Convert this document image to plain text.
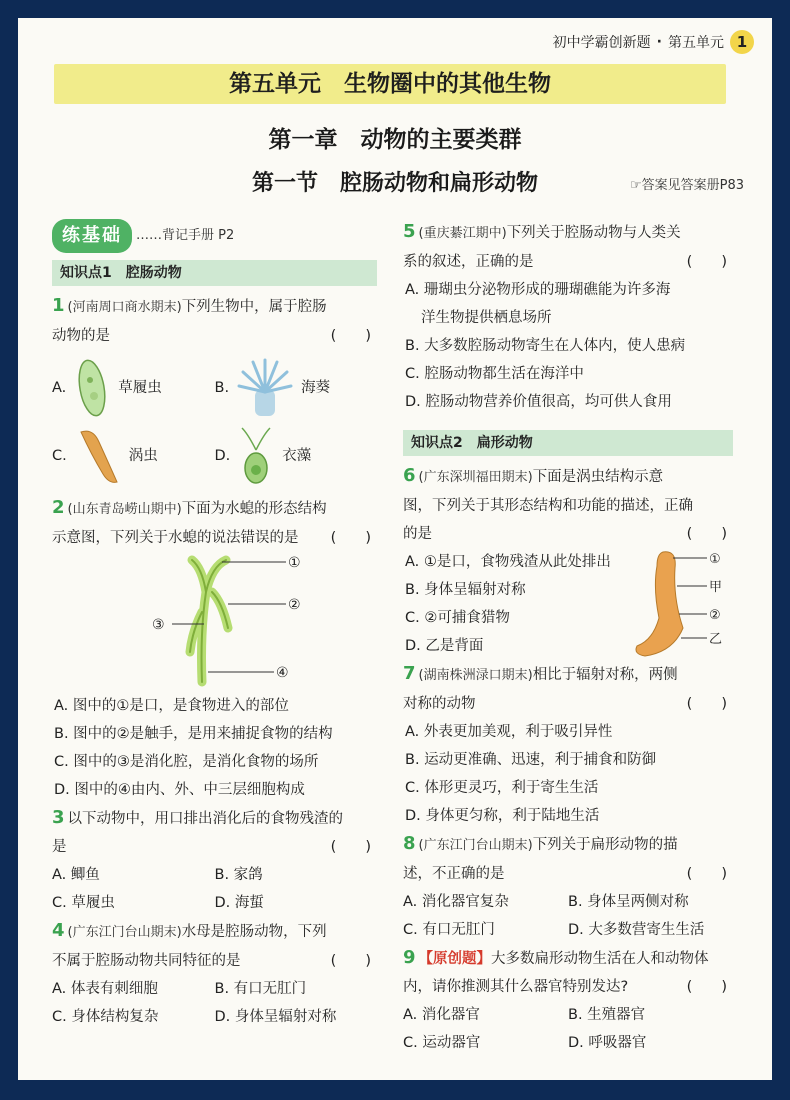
初中学霸创新题 · 第五单元 1
第五单元　生物圈中的其他生物
第一章　动物的主要类群
第一节　腔肠动物和扁形动物	☞答案见答案册P83
练基础	……背记手册 P2
知识点1 腔肠动物
1 (河南周口商水期末)下列生物中，属于腔肠
动物的是	(　　)
A.	草履虫	B.	海葵
C.	涡虫	D.	衣藻
2 (山东青岛崂山期中)下面为水螅的形态结构
示意图，下列关于水螅的说法错误的是 (　　)
①
②
③
④
A. 图中的①是口，是食物进入的部位
B. 图中的②是触手，是用来捕捉食物的结构
C. 图中的③是消化腔，是消化食物的场所
D. 图中的④由内、外、中三层细胞构成
3 以下动物中，用口排出消化后的食物残渣的
是	(　　)
A. 鲫鱼	B. 家鸽
C. 草履虫	D. 海蜇
4 (广东江门台山期末)水母是腔肠动物，下列
不属于腔肠动物共同特征的是	(　　)
A. 体表有刺细胞	B. 有口无肛门
C. 身体结构复杂	D. 身体呈辐射对称
5 (重庆綦江期中)下列关于腔肠动物与人类关
系的叙述，正确的是	(　　)
A. 珊瑚虫分泌物形成的珊瑚礁能为许多海
洋生物提供栖息场所
B. 大多数腔肠动物寄生在人体内，使人患病
C. 腔肠动物都生活在海洋中
D. 腔肠动物营养价值很高，均可供人食用
知识点2 扁形动物
6 (广东深圳福田期末)下面是涡虫结构示意
图，下列关于其形态结构和功能的描述，正确
的是	(　　)
A. ①是口，食物残渣从此处排出
B. 身体呈辐射对称
C. ②可捕食猎物
D. 乙是背面
①
甲
②
乙
7 (湖南株洲渌口期末)相比于辐射对称，两侧
对称的动物	(　　)
A. 外表更加美观，利于吸引异性
B. 运动更准确、迅速，利于捕食和防御
C. 体形更灵巧，利于寄生生活
D. 身体更匀称，利于陆地生活
8 (广东江门台山期末)下列关于扁形动物的描
述，不正确的是	(　　)
A. 消化器官复杂	B. 身体呈两侧对称
C. 有口无肛门	D. 大多数营寄生生活
9 【原创题】大多数扁形动物生活在人和动物体
内，请你推测其什么器官特别发达?	(　　)
A. 消化器官	B. 生殖器官
C. 运动器官	D. 呼吸器官
